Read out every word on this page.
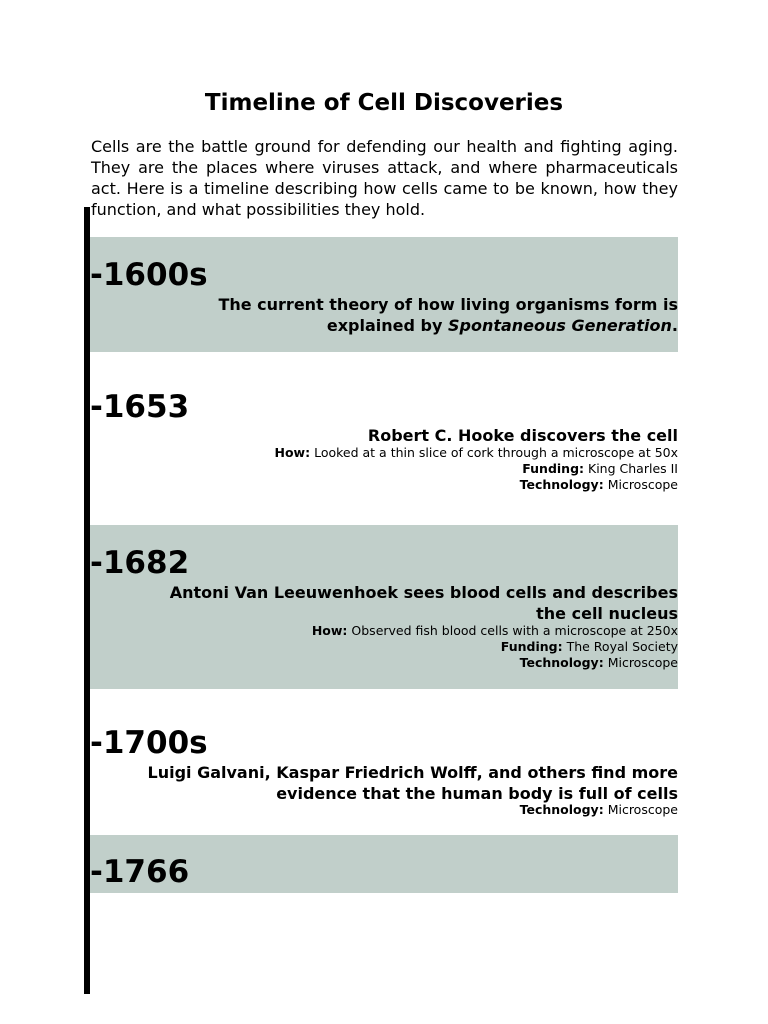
Timeline of Cell Discoveries
Cells are the battle ground for defending our health and fighting aging. They are the places where viruses attack, and where pharmaceuticals act. Here is a timeline describing how cells came to be known, how they function, and what possibilities they hold.
-1600s
The current theory of how living organisms form is
explained by Spontaneous Generation.
-1653
Robert C. Hooke discovers the cell
How: Looked at a thin slice of cork through a microscope at 50x
Funding: King Charles II
Technology: Microscope
-1682
Antoni Van Leeuwenhoek sees blood cells and describes
the cell nucleus
How: Observed fish blood cells with a microscope at 250x
Funding: The Royal Society
Technology: Microscope
-1700s
Luigi Galvani, Kaspar Friedrich Wolff, and others find more
evidence that the human body is full of cells
Technology: Microscope
-1766
